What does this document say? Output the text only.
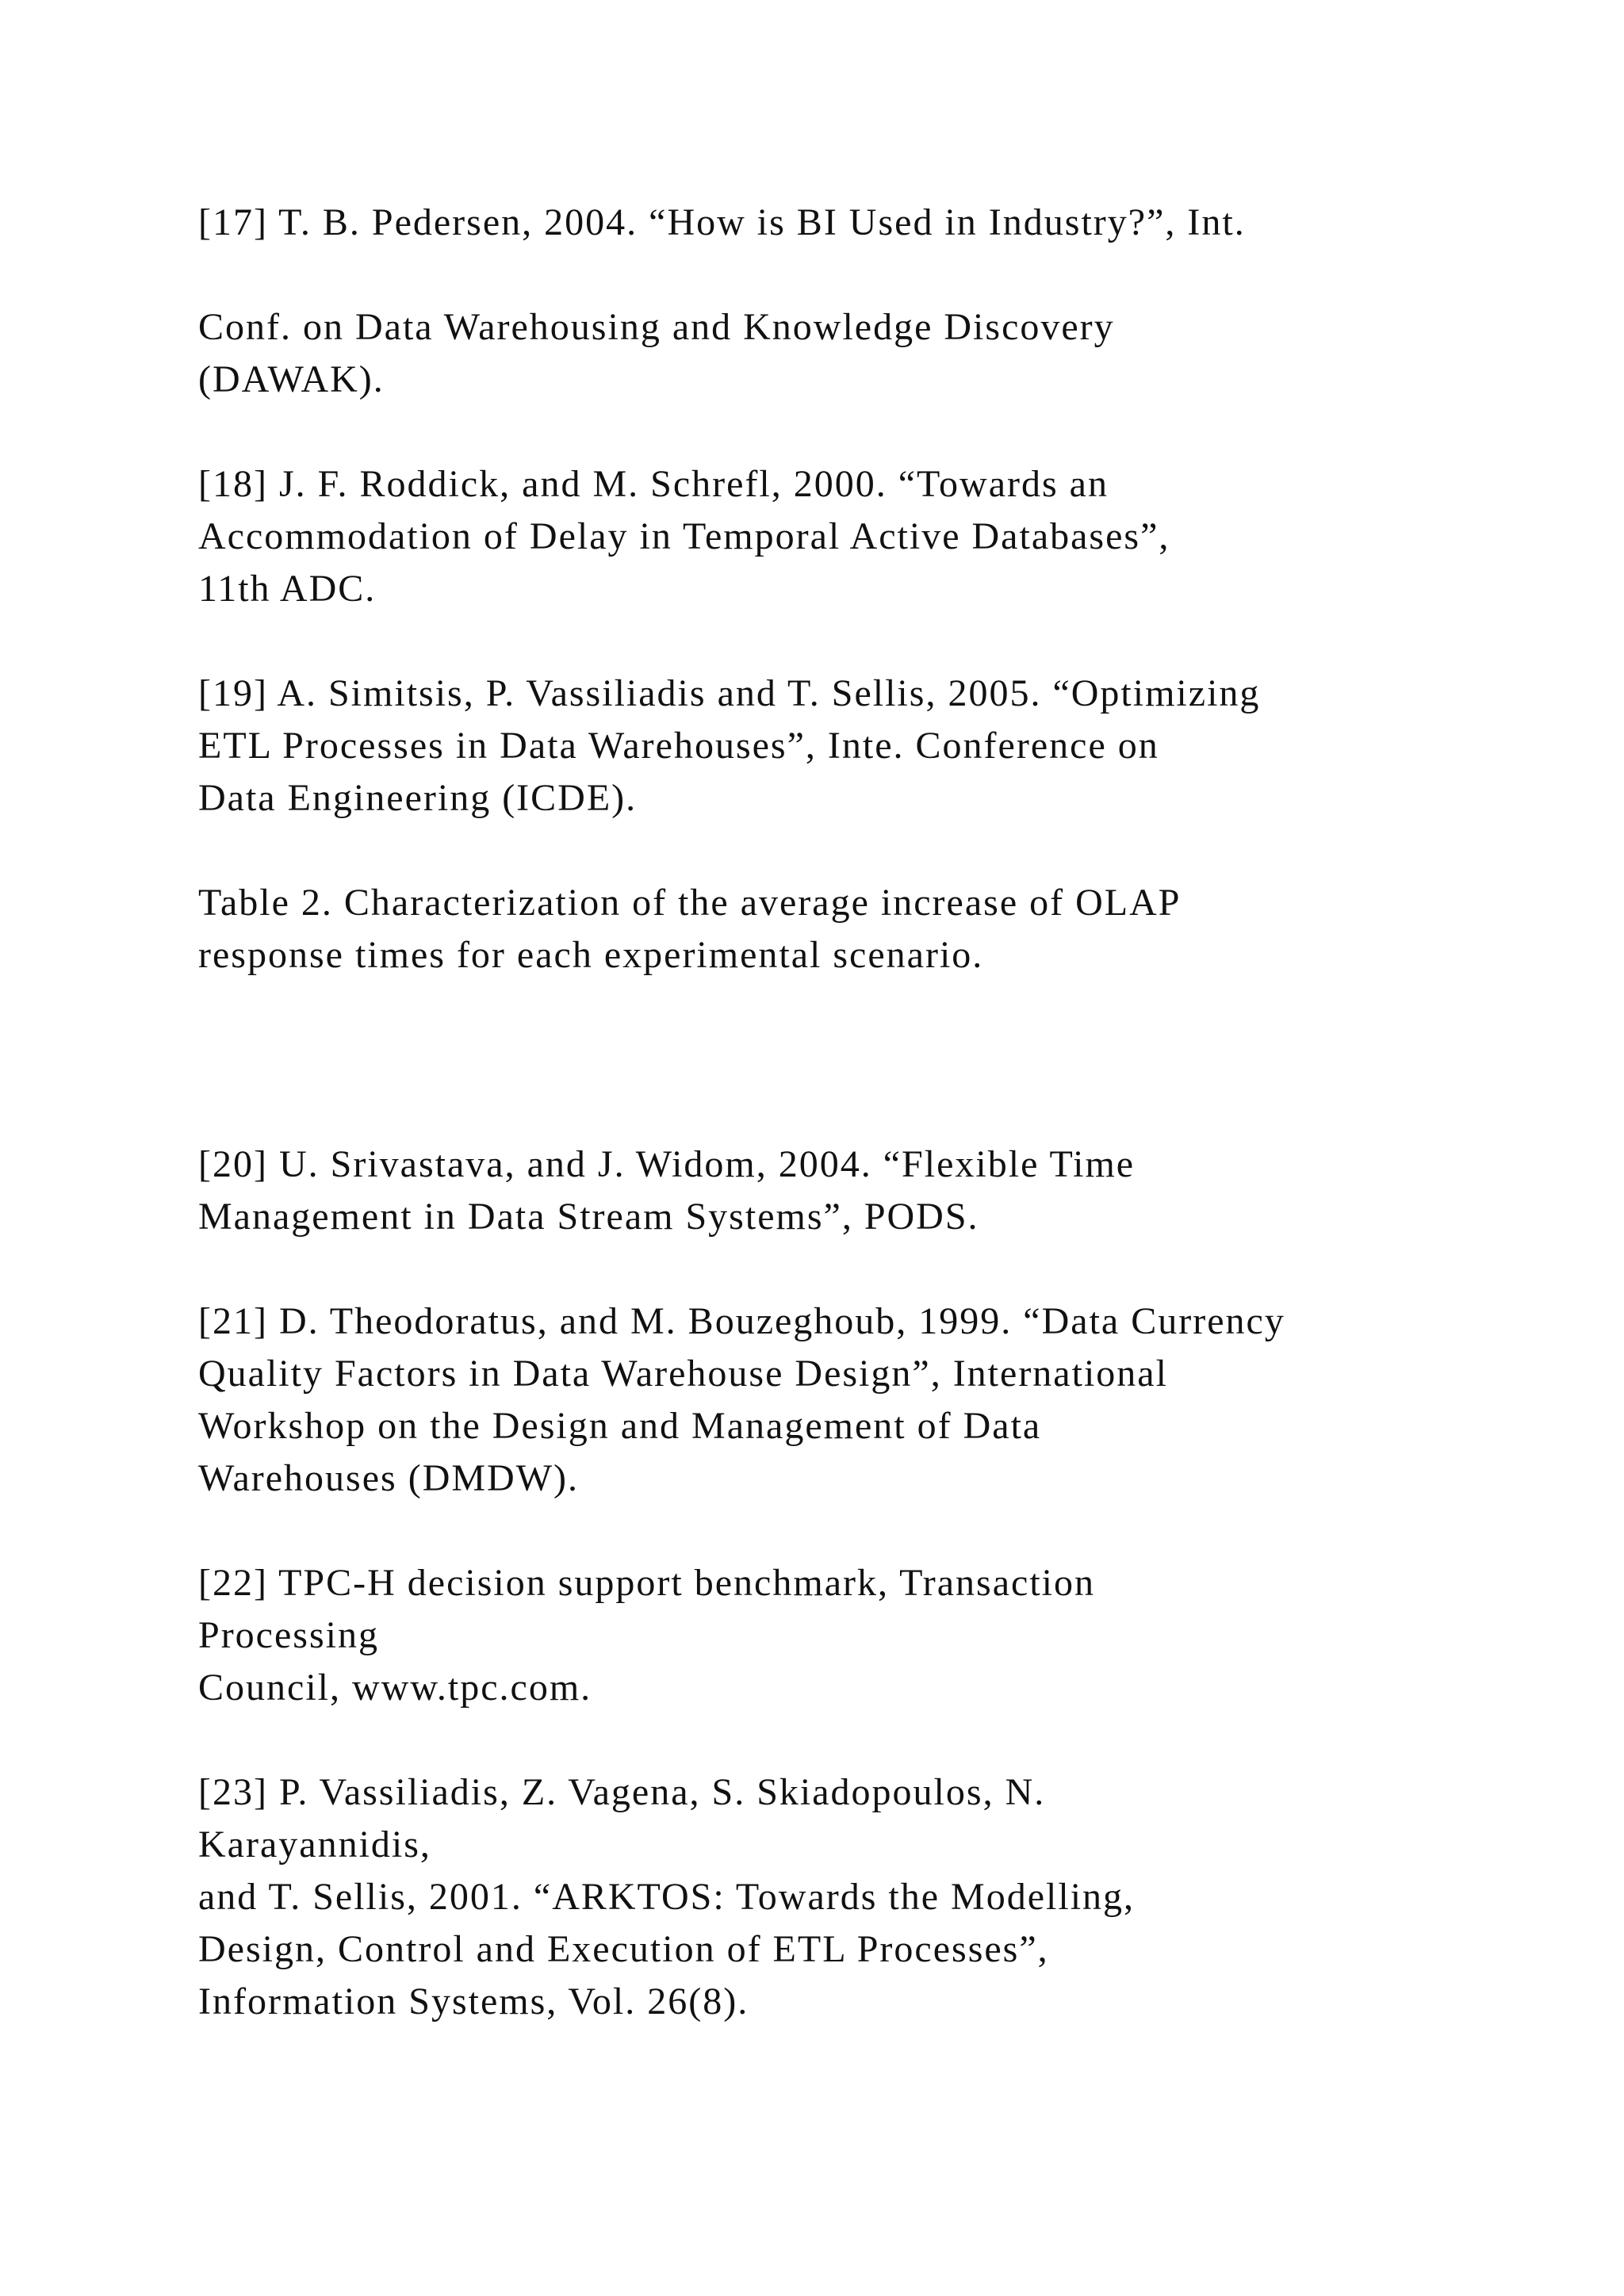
[17] T. B. Pedersen, 2004. “How is BI Used in Industry?”, Int.
Conf. on Data Warehousing and Knowledge Discovery
(DAWAK).
[18] J. F. Roddick, and M. Schrefl, 2000. “Towards an
Accommodation of Delay in Temporal Active Databases”,
11th ADC.
[19] A. Simitsis, P. Vassiliadis and T. Sellis, 2005. “Optimizing
ETL Processes in Data Warehouses”, Inte. Conference on
Data Engineering (ICDE).
Table 2. Characterization of the average increase of OLAP
response times for each experimental scenario.
[20] U. Srivastava, and J. Widom, 2004. “Flexible Time
Management in Data Stream Systems”, PODS.
[21] D. Theodoratus, and M. Bouzeghoub, 1999. “Data Currency
Quality Factors in Data Warehouse Design”, International
Workshop on the Design and Management of Data
Warehouses (DMDW).
[22] TPC-H decision support benchmark, Transaction
Processing
Council, www.tpc.com.
[23] P. Vassiliadis, Z. Vagena, S. Skiadopoulos, N.
Karayannidis,
and T. Sellis, 2001. “ARKTOS: Towards the Modelling,
Design, Control and Execution of ETL Processes”,
Information Systems, Vol. 26(8).
